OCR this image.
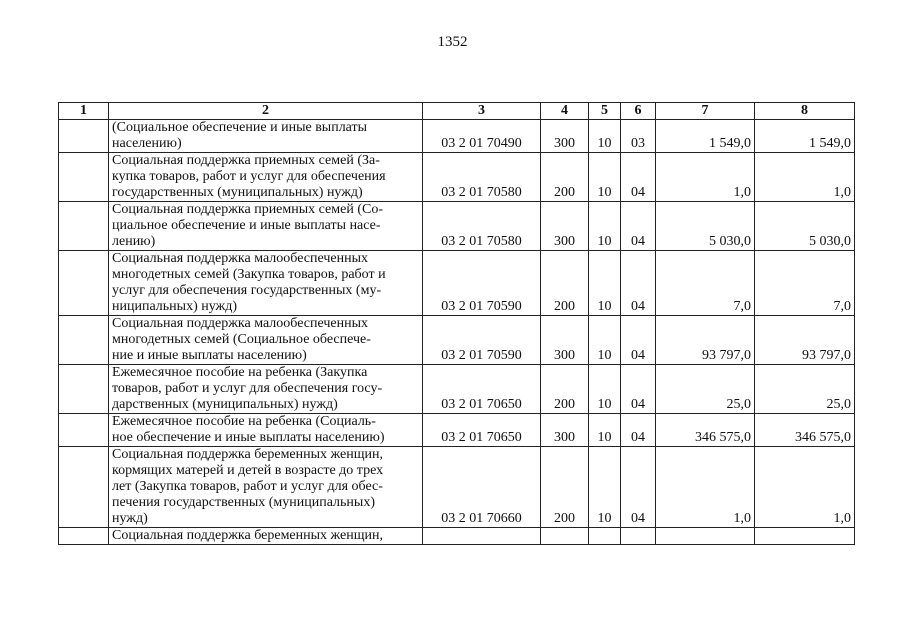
1352
1	2	3	4	5	6	7	8
	(Социальное обеспечение и иные выплаты
населению)	03 2 01 70490	300	10	03	1 549,0	1 549,0
	Социальная поддержка приемных семей (За-
купка товаров, работ и услуг для обеспечения
государственных (муниципальных) нужд)	03 2 01 70580	200	10	04	1,0	1,0
	Социальная поддержка приемных семей (Со-
циальное обеспечение и иные выплаты насе-
лению)	03 2 01 70580	300	10	04	5 030,0	5 030,0
	Социальная поддержка малообеспеченных
многодетных семей (Закупка товаров, работ и
услуг для обеспечения государственных (му-
ниципальных) нужд)	03 2 01 70590	200	10	04	7,0	7,0
	Социальная поддержка малообеспеченных
многодетных семей (Социальное обеспече-
ние и иные выплаты населению)	03 2 01 70590	300	10	04	93 797,0	93 797,0
	Ежемесячное пособие на ребенка (Закупка
товаров, работ и услуг для обеспечения госу-
дарственных (муниципальных) нужд)	03 2 01 70650	200	10	04	25,0	25,0
	Ежемесячное пособие на ребенка (Социаль-
ное обеспечение и иные выплаты населению)	03 2 01 70650	300	10	04	346 575,0	346 575,0
	Социальная поддержка беременных женщин,
кормящих матерей и детей в возрасте до трех
лет (Закупка товаров, работ и услуг для обес-
печения государственных (муниципальных)
нужд)	03 2 01 70660	200	10	04	1,0	1,0
	Социальная поддержка беременных женщин,						
